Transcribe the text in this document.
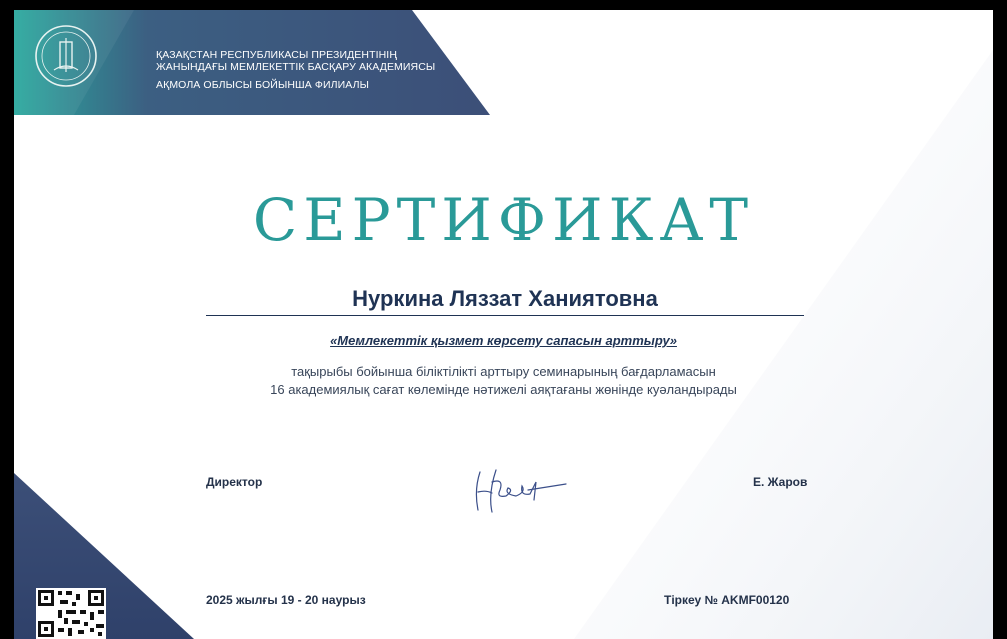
ҚАЗАҚСТАН РЕСПУБЛИКАСЫ ПРЕЗИДЕНТІНІҢ
ЖАНЫНДАҒЫ МЕМЛЕКЕТТІК БАСҚАРУ АКАДЕМИЯСЫ
АҚМОЛА ОБЛЫСЫ БОЙЫНША ФИЛИАЛЫ
СЕРТИФИКАТ
Нуркина Ляззат Ханиятовна
«Мемлекеттік қызмет көрсету сапасын арттыру»
тақырыбы бойынша біліктілікті арттыру семинарының бағдарламасын
16 академиялық сағат көлемінде нәтижелі аяқтағаны жөнінде куәландырады
Директор	Е. Жаров
2025 жылғы 19 - 20 наурыз	Тіркеу № AKMF00120
